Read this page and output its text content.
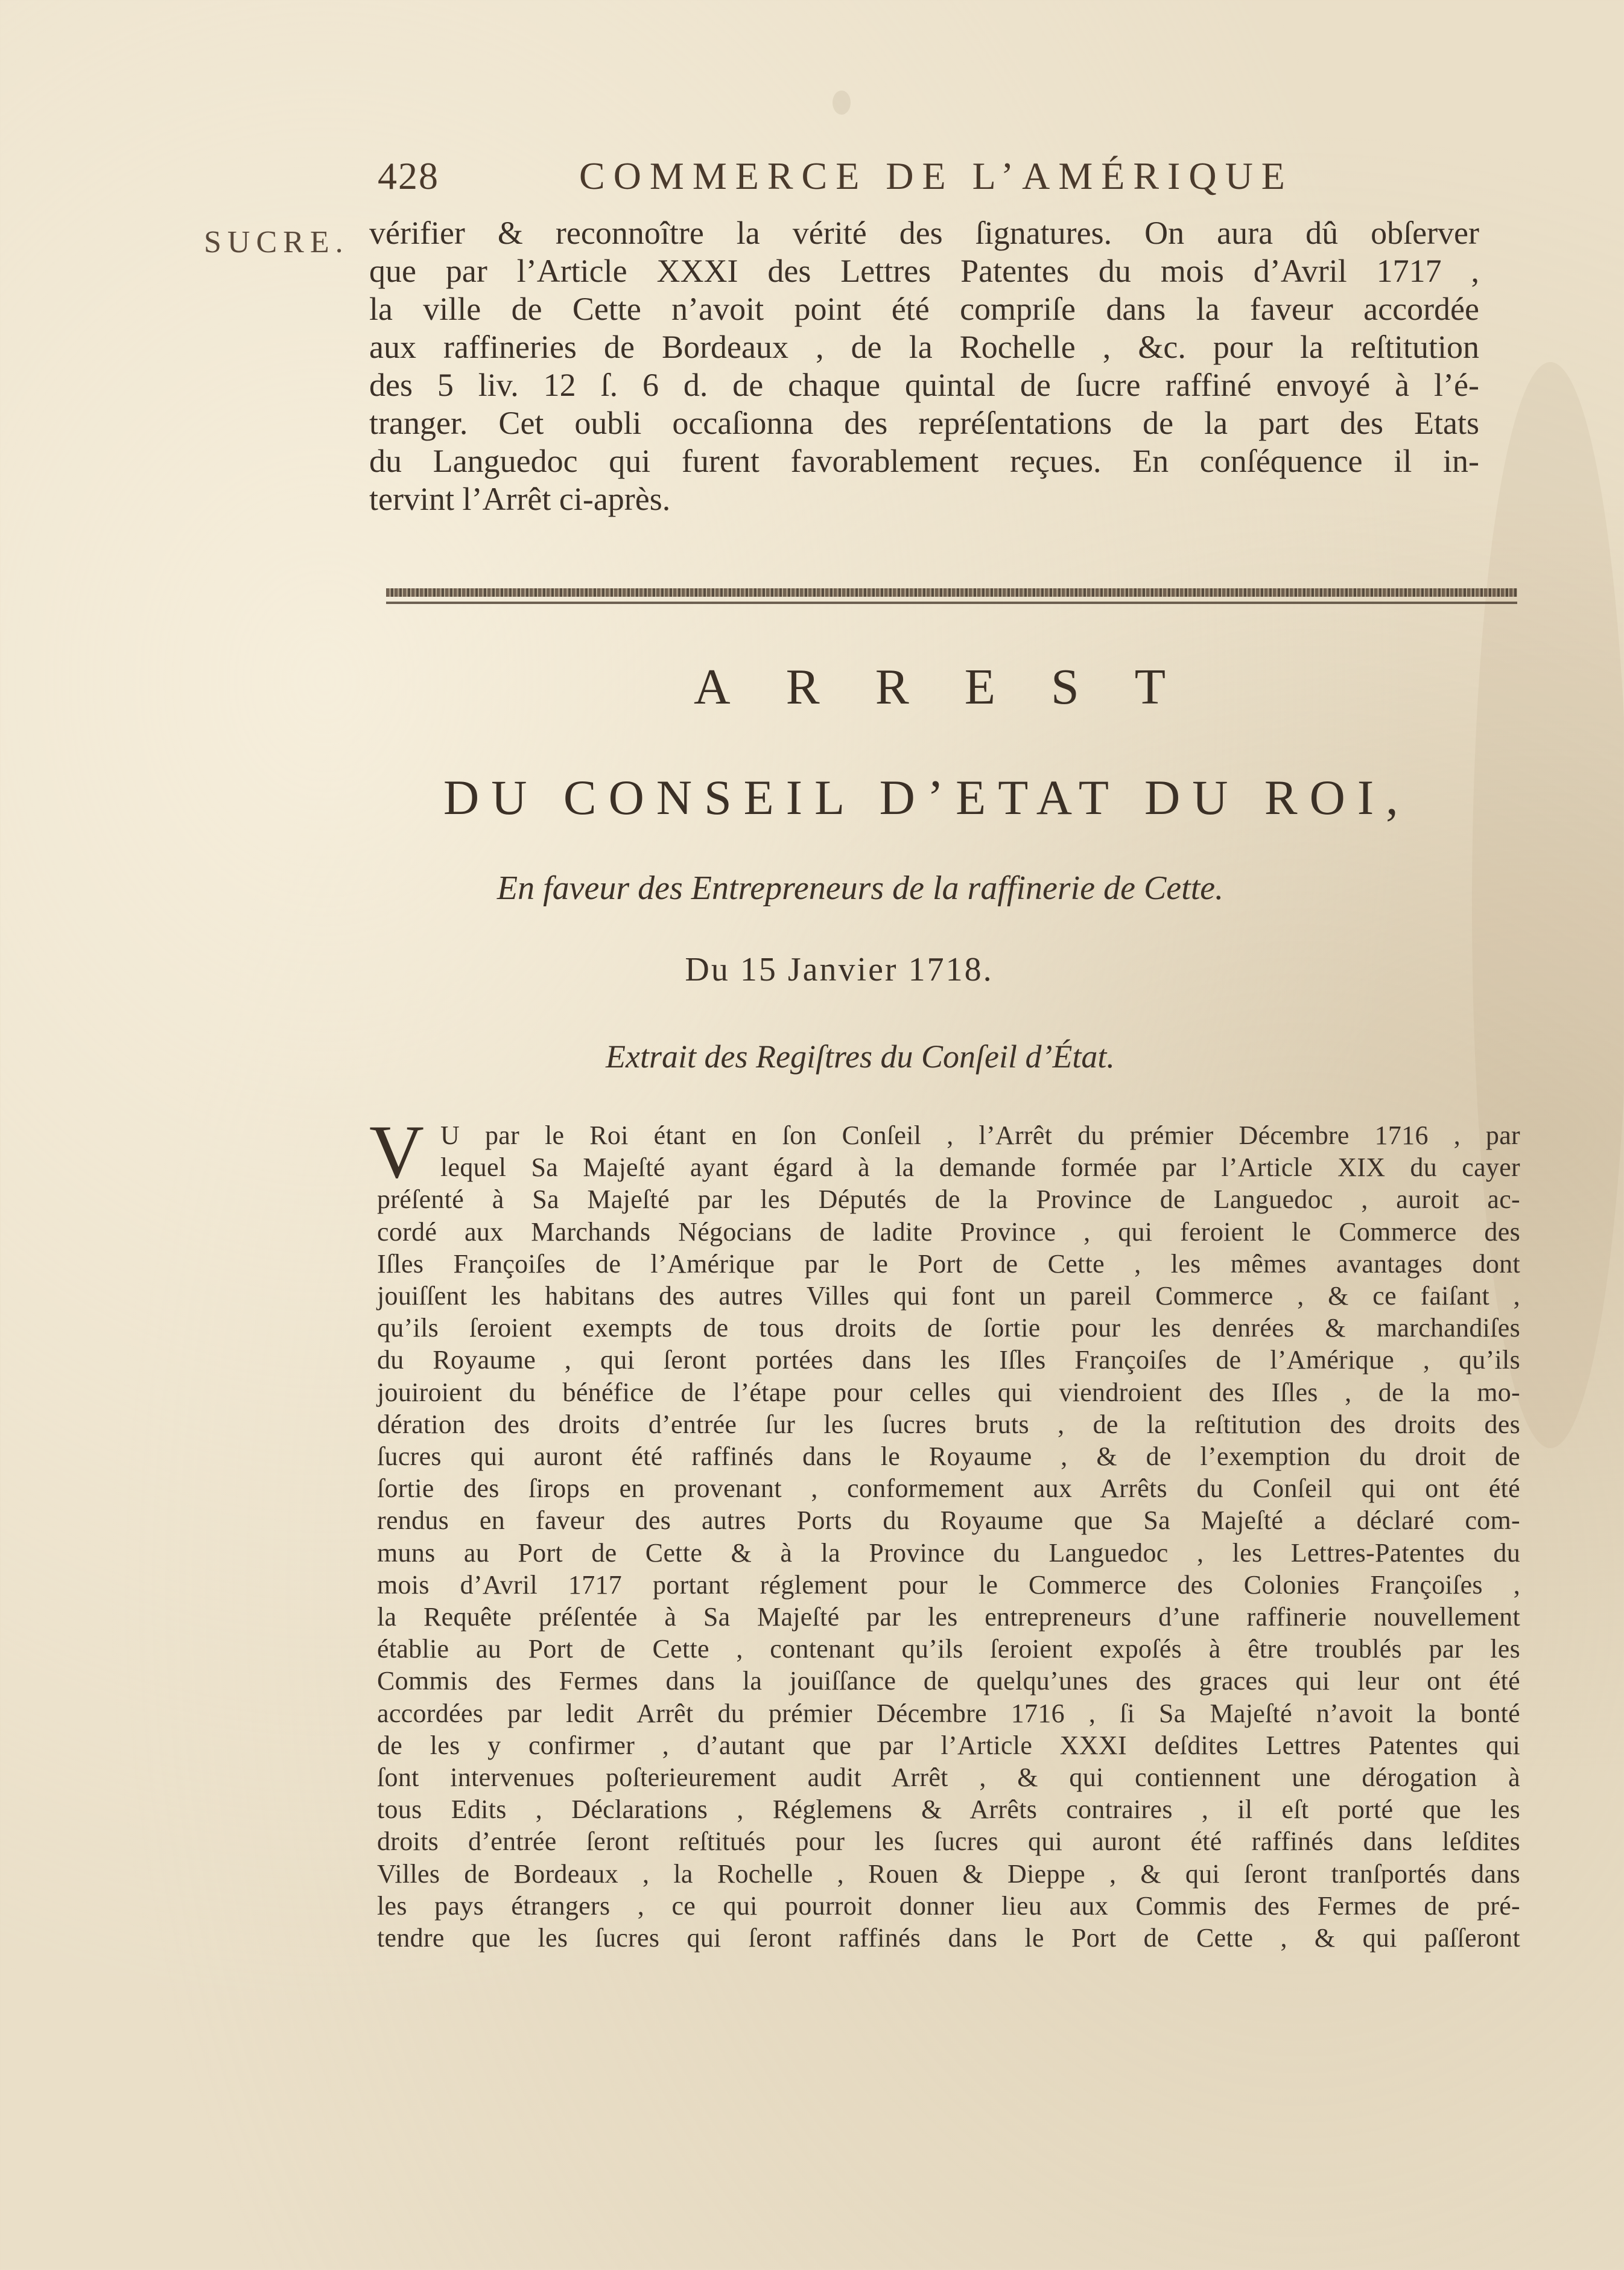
428	COMMERCE DE L’AMÉRIQUE
SUCRE. vérifier & reconnoître la vérité des ſignatures. On aura dû obſerver
que par l’Article XXXI des Lettres Patentes du mois d’Avril 1717 ,
la ville de Cette n’avoit point été compriſe dans la faveur accordée
aux raffineries de Bordeaux , de la Rochelle , &c. pour la reſtitution
des 5 liv. 12 ſ. 6 d. de chaque quintal de ſucre raffiné envoyé à l’é-
tranger. Cet oubli occaſionna des repréſentations de la part des Etats
du Languedoc qui furent favorablement reçues. En conſéquence il in-
tervint l’Arrêt ci-après.
ARREST
DU CONSEIL D’ETAT DU ROI,
En faveur des Entrepreneurs de la raffinerie de Cette.
Du 15 Janvier 1718.
Extrait des Regiſtres du Conſeil d’État.
V U par le Roi étant en ſon Conſeil , l’Arrêt du prémier Décembre 1716 , par
lequel Sa Majeſté ayant égard à la demande formée par l’Article XIX du cayer
préſenté à Sa Majeſté par les Députés de la Province de Languedoc , auroit ac-
cordé aux Marchands Négocians de ladite Province , qui feroient le Commerce des
Iſles Françoiſes de l’Amérique par le Port de Cette , les mêmes avantages dont
jouiſſent les habitans des autres Villes qui font un pareil Commerce , & ce faiſant ,
qu’ils ſeroient exempts de tous droits de ſortie pour les denrées & marchandiſes
du Royaume , qui ſeront portées dans les Iſles Françoiſes de l’Amérique , qu’ils
jouiroient du bénéfice de l’étape pour celles qui viendroient des Iſles , de la mo-
dération des droits d’entrée ſur les ſucres bruts , de la reſtitution des droits des
ſucres qui auront été raffinés dans le Royaume , & de l’exemption du droit de
ſortie des ſirops en provenant , conformement aux Arrêts du Conſeil qui ont été
rendus en faveur des autres Ports du Royaume que Sa Majeſté a déclaré com-
muns au Port de Cette & à la Province du Languedoc , les Lettres-Patentes du
mois d’Avril 1717 portant réglement pour le Commerce des Colonies Françoiſes ,
la Requête préſentée à Sa Majeſté par les entrepreneurs d’une raffinerie nouvellement
établie au Port de Cette , contenant qu’ils ſeroient expoſés à être troublés par les
Commis des Fermes dans la jouiſſance de quelqu’unes des graces qui leur ont été
accordées par ledit Arrêt du prémier Décembre 1716 , ſi Sa Majeſté n’avoit la bonté
de les y confirmer , d’autant que par l’Article XXXI deſdites Lettres Patentes qui
ſont intervenues poſterieurement audit Arrêt , & qui contiennent une dérogation à
tous Edits , Déclarations , Réglemens & Arrêts contraires , il eſt porté que les
droits d’entrée ſeront reſtitués pour les ſucres qui auront été raffinés dans leſdites
Villes de Bordeaux , la Rochelle , Rouen & Dieppe , & qui ſeront tranſportés dans
les pays étrangers , ce qui pourroit donner lieu aux Commis des Fermes de pré-
tendre que les ſucres qui ſeront raffinés dans le Port de Cette , & qui paſſeront
